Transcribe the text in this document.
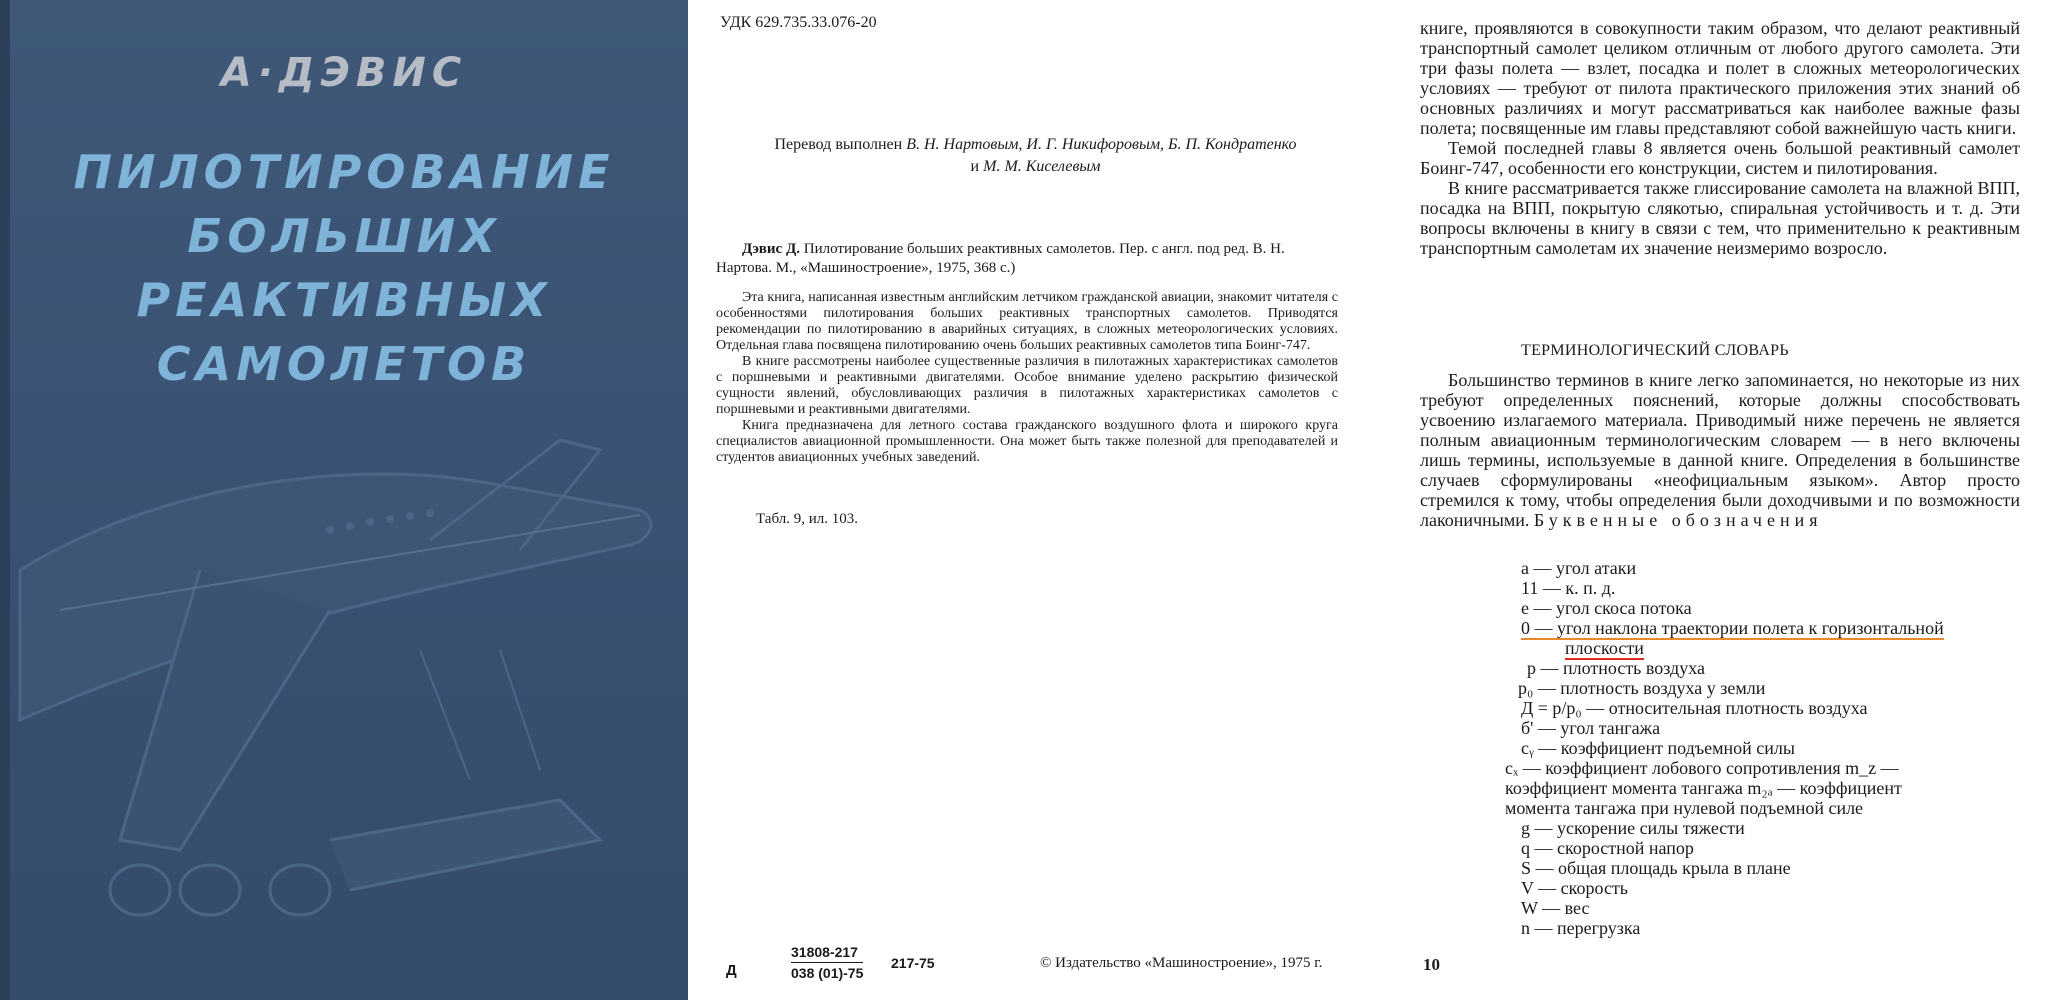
А·ДЭВИС
ПИЛОТИРОВАНИЕ
БОЛЬШИХ
РЕАКТИВНЫХ
САМОЛЕТОВ
УДК 629.735.33.076-20
Перевод выполнен В. Н. Нартовым, И. Г. Никифоровым, Б. П. Кондратенко
и М. М. Киселевым
Дэвис Д. Пилотирование больших реактивных самолетов. Пер. с англ. под ред. В. Н. Нартова. М., «Машиностроение», 1975, 368 с.)

Эта книга, написанная известным английским летчиком гражданской авиации, знакомит читателя с особенностями пилотирования больших реактивных транспортных самолетов. Приводятся рекомендации по пилотированию в аварийных ситуациях, в сложных метеорологических условиях. Отдельная глава посвящена пилотированию очень больших реактивных самолетов типа Боинг-747.

В книге рассмотрены наиболее существенные различия в пилотажных характеристиках самолетов с поршневыми и реактивными двигателями. Особое внимание уделено раскрытию физической сущности явлений, обусловливающих различия в пилотажных характеристиках самолетов с поршневыми и реактивными двигателями.

Книга предназначена для летного состава гражданского воздушного флота и широкого круга специалистов авиационной промышленности. Она может быть также полезной для преподавателей и студентов авиационных учебных заведений.

Табл. 9, ил. 103.
Д	$\frac{31808-217}{038 (01)-75} 217-75$	© Издательство «Машиностроение», 1975 г.

книге, проявляются в совокупности таким образом, что делают реактивный транспортный самолет целиком отличным от любого другого самолета. Эти три фазы полета — взлет, посадка и полет в сложных метеорологических условиях — требуют от пилота практического приложения этих знаний об основных различиях и могут рассматриваться как наиболее важные фазы полета; посвященные им главы представляют собой важнейшую часть книги.

Темой последней главы 8 является очень большой реактивный самолет Боинг-747, особенности его конструкции, систем и пилотирования.

В книге рассматривается также глиссирование самолета на влажной ВПП, посадка на ВПП, покрытую слякотью, спиральная устойчивость и т. д. Эти вопросы включены в книгу в связи с тем, что применительно к реактивным транспортным самолетам их значение неизмеримо возросло.

ТЕРМИНОЛОГИЧЕСКИЙ СЛОВАРЬ

Большинство терминов в книге легко запоминается, но некоторые из них требуют определенных пояснений, которые должны способствовать усвоению излагаемого материала. Приводимый ниже перечень не является полным авиационным терминологическим словарем — в него включены лишь термины, используемые в данной книге. Определения в большинстве случаев сформулированы «неофициальным языком». Автор просто стремился к тому, чтобы определения были доходчивыми и по возможности лаконичными. Буквенные обозначения

а — угол атаки
11 — к. п. д.
е — угол скоса потока
0 — угол наклона траектории полета к горизонтальной
плоскости
р — плотность воздуха
р₀ — плотность воздуха у земли
Д = р/р₀ — относительная плотность воздуха
б' — угол тангажа
cᵧ — коэффициент подъемной силы
cₓ — коэффициент лобового сопротивления m_z —
коэффициент момента тангажа m₂ₐ — коэффициент
момента тангажа при нулевой подъемной силе
g — ускорение силы тяжести
q — скоростной напор
S — общая площадь крыла в плане
V — скорость
W — вес
n — перегрузка
10
